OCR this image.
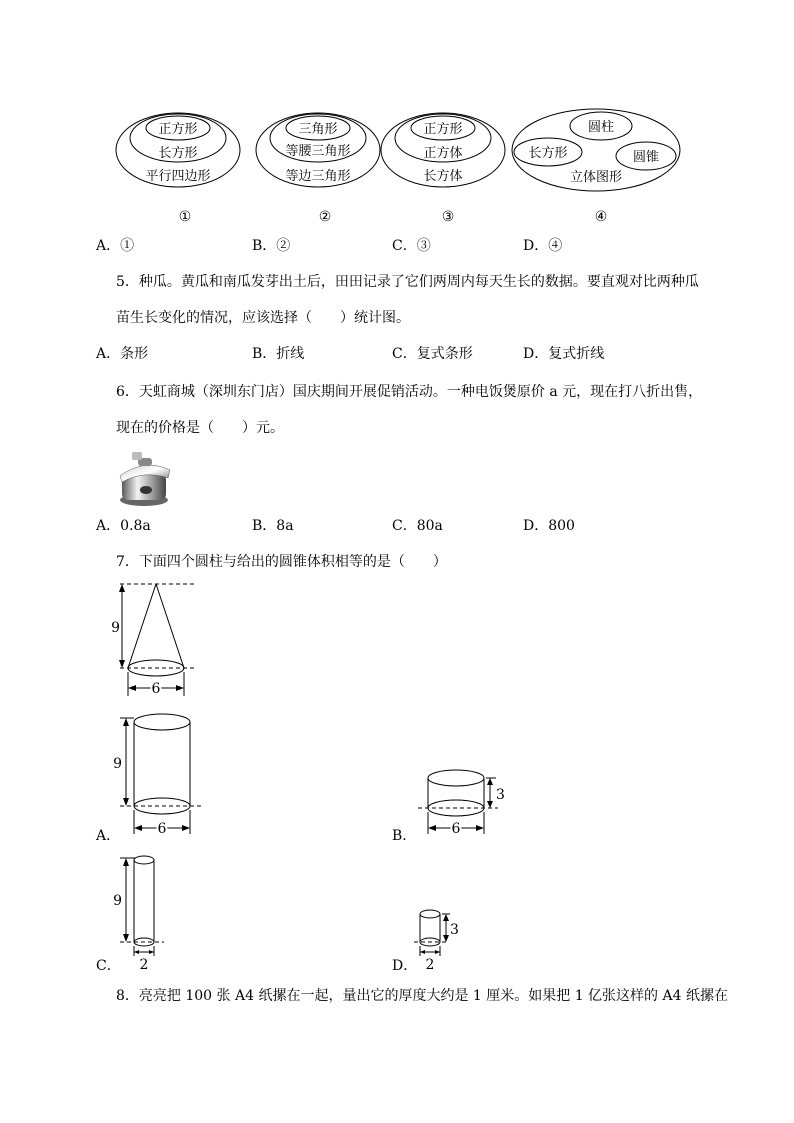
正方形
长方形
平行四边形
①
三角形
等腰三角形
等边三角形
②
正方形
正方体
长方体
③
圆柱
长方形	圆锥
立体图形
④
A．①	B．②	C．③	D．④
5．种瓜。黄瓜和南瓜发芽出土后，田田记录了它们两周内每天生长的数据。要直观对比两种瓜
苗生长变化的情况，应该选择（　　）统计图。
A．条形	B．折线	C．复式条形	D．复式折线
6．天虹商城（深圳东门店）国庆期间开展促销活动。一种电饭煲原价 a 元，现在打八折出售，
现在的价格是（　　）元。
A．0.8a	B．8a	C．80a	D．800
7．下面四个圆柱与给出的圆锥体积相等的是（　　）
9
6
9
6
A．
3
6
B．
9
2
C．
3
2
D．
8．亮亮把 100 张 A4 纸摞在一起，量出它的厚度大约是 1 厘米。如果把 1 亿张这样的 A4 纸摞在
